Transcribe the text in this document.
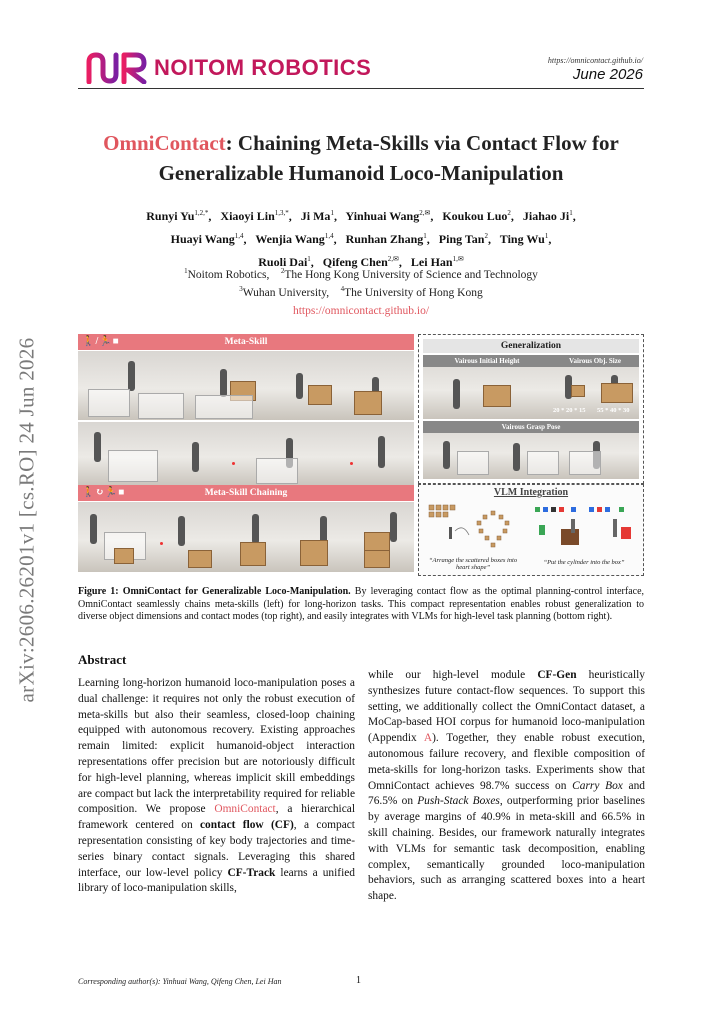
arXiv:2606.26201v1 [cs.RO] 24 Jun 2026
NOITOM ROBOTICS	https://omnicontact.github.io/
June 2026
OmniContact: Chaining Meta-Skills via Contact Flow for
Generalizable Humanoid Loco-Manipulation
Runyi $Yu^{1,2,*}$,   Xiaoyi Lin$^{1,3,*}$,   Ji Ma$^1$,   Yinhuai Wang$^{2,✉}$,   Koukou Luo$^2$,   Jiahao Ji$^1$,
Huayi Wang$^{1,4}$,   Wenjia Wang$^{1,4}$,   Runhan Zhang$^1$,   Ping Tan$^2$,   Ting Wu$^1$,
Ruoli Dai$^1$,   Qifeng Chen$^{2,✉}$,   Lei Han$^{1,✉}$
$^1$Noitom Robotics, $^2$The Hong Kong University of Science and Technology
$^3$Wuhan University, $^4$The University of Hong Kong
https://omnicontact.github.io/
🚶/🏃■	Meta-Skill
🚶↻🏃■	Meta-Skill Chaining
Generalization
Vairous Initial Height	Vairous Obj. Size
20 * 20 * 15 55 * 40 * 30
Vairous Grasp Pose
VLM Integration
“Arrange the scattered boxes into heart shape”
“Put the cylinder into the box”
Figure 1: OmniContact for Generalizable Loco-Manipulation. By leveraging contact flow as the optimal planning-control interface, OmniContact seamlessly chains meta-skills (left) for long-horizon tasks. This compact representation enables robust generalization to diverse object dimensions and contact modes (top right), and easily integrates with VLMs for high-level task planning (bottom right).
Abstract
Learning long-horizon humanoid loco-manipulation poses a dual challenge: it requires not only the robust execution of meta-skills but also their seamless, closed-loop chaining equipped with autonomous recovery. Existing approaches remain limited: explicit humanoid-object interaction representations offer precision but are notoriously difficult for high-level planning, whereas implicit skill embeddings are compact but lack the interpretability required for reliable composition. We propose OmniContact, a hierarchical framework centered on contact flow (CF), a compact representation consisting of key body trajectories and time-series binary contact signals. Leveraging this shared interface, our low-level policy CF-Track learns a unified library of loco-manipulation skills,
while our high-level module CF-Gen heuristically synthesizes future contact-flow sequences. To support this setting, we additionally collect the OmniContact dataset, a MoCap-based HOI corpus for humanoid loco-manipulation (Appendix A). Together, they enable robust execution, autonomous failure recovery, and flexible composition of meta-skills for long-horizon tasks. Experiments show that OmniContact achieves 98.7% success on Carry Box and 76.5% on Push-Stack Boxes, outperforming prior baselines by average margins of 40.9% in meta-skill and 66.5% in skill chaining. Besides, our framework naturally integrates with VLMs for semantic task decomposition, enabling complex, semantically grounded loco-manipulation behaviors, such as arranging scattered boxes into a heart shape.
Corresponding author(s): Yinhuai Wang, Qifeng Chen, Lei Han	1
